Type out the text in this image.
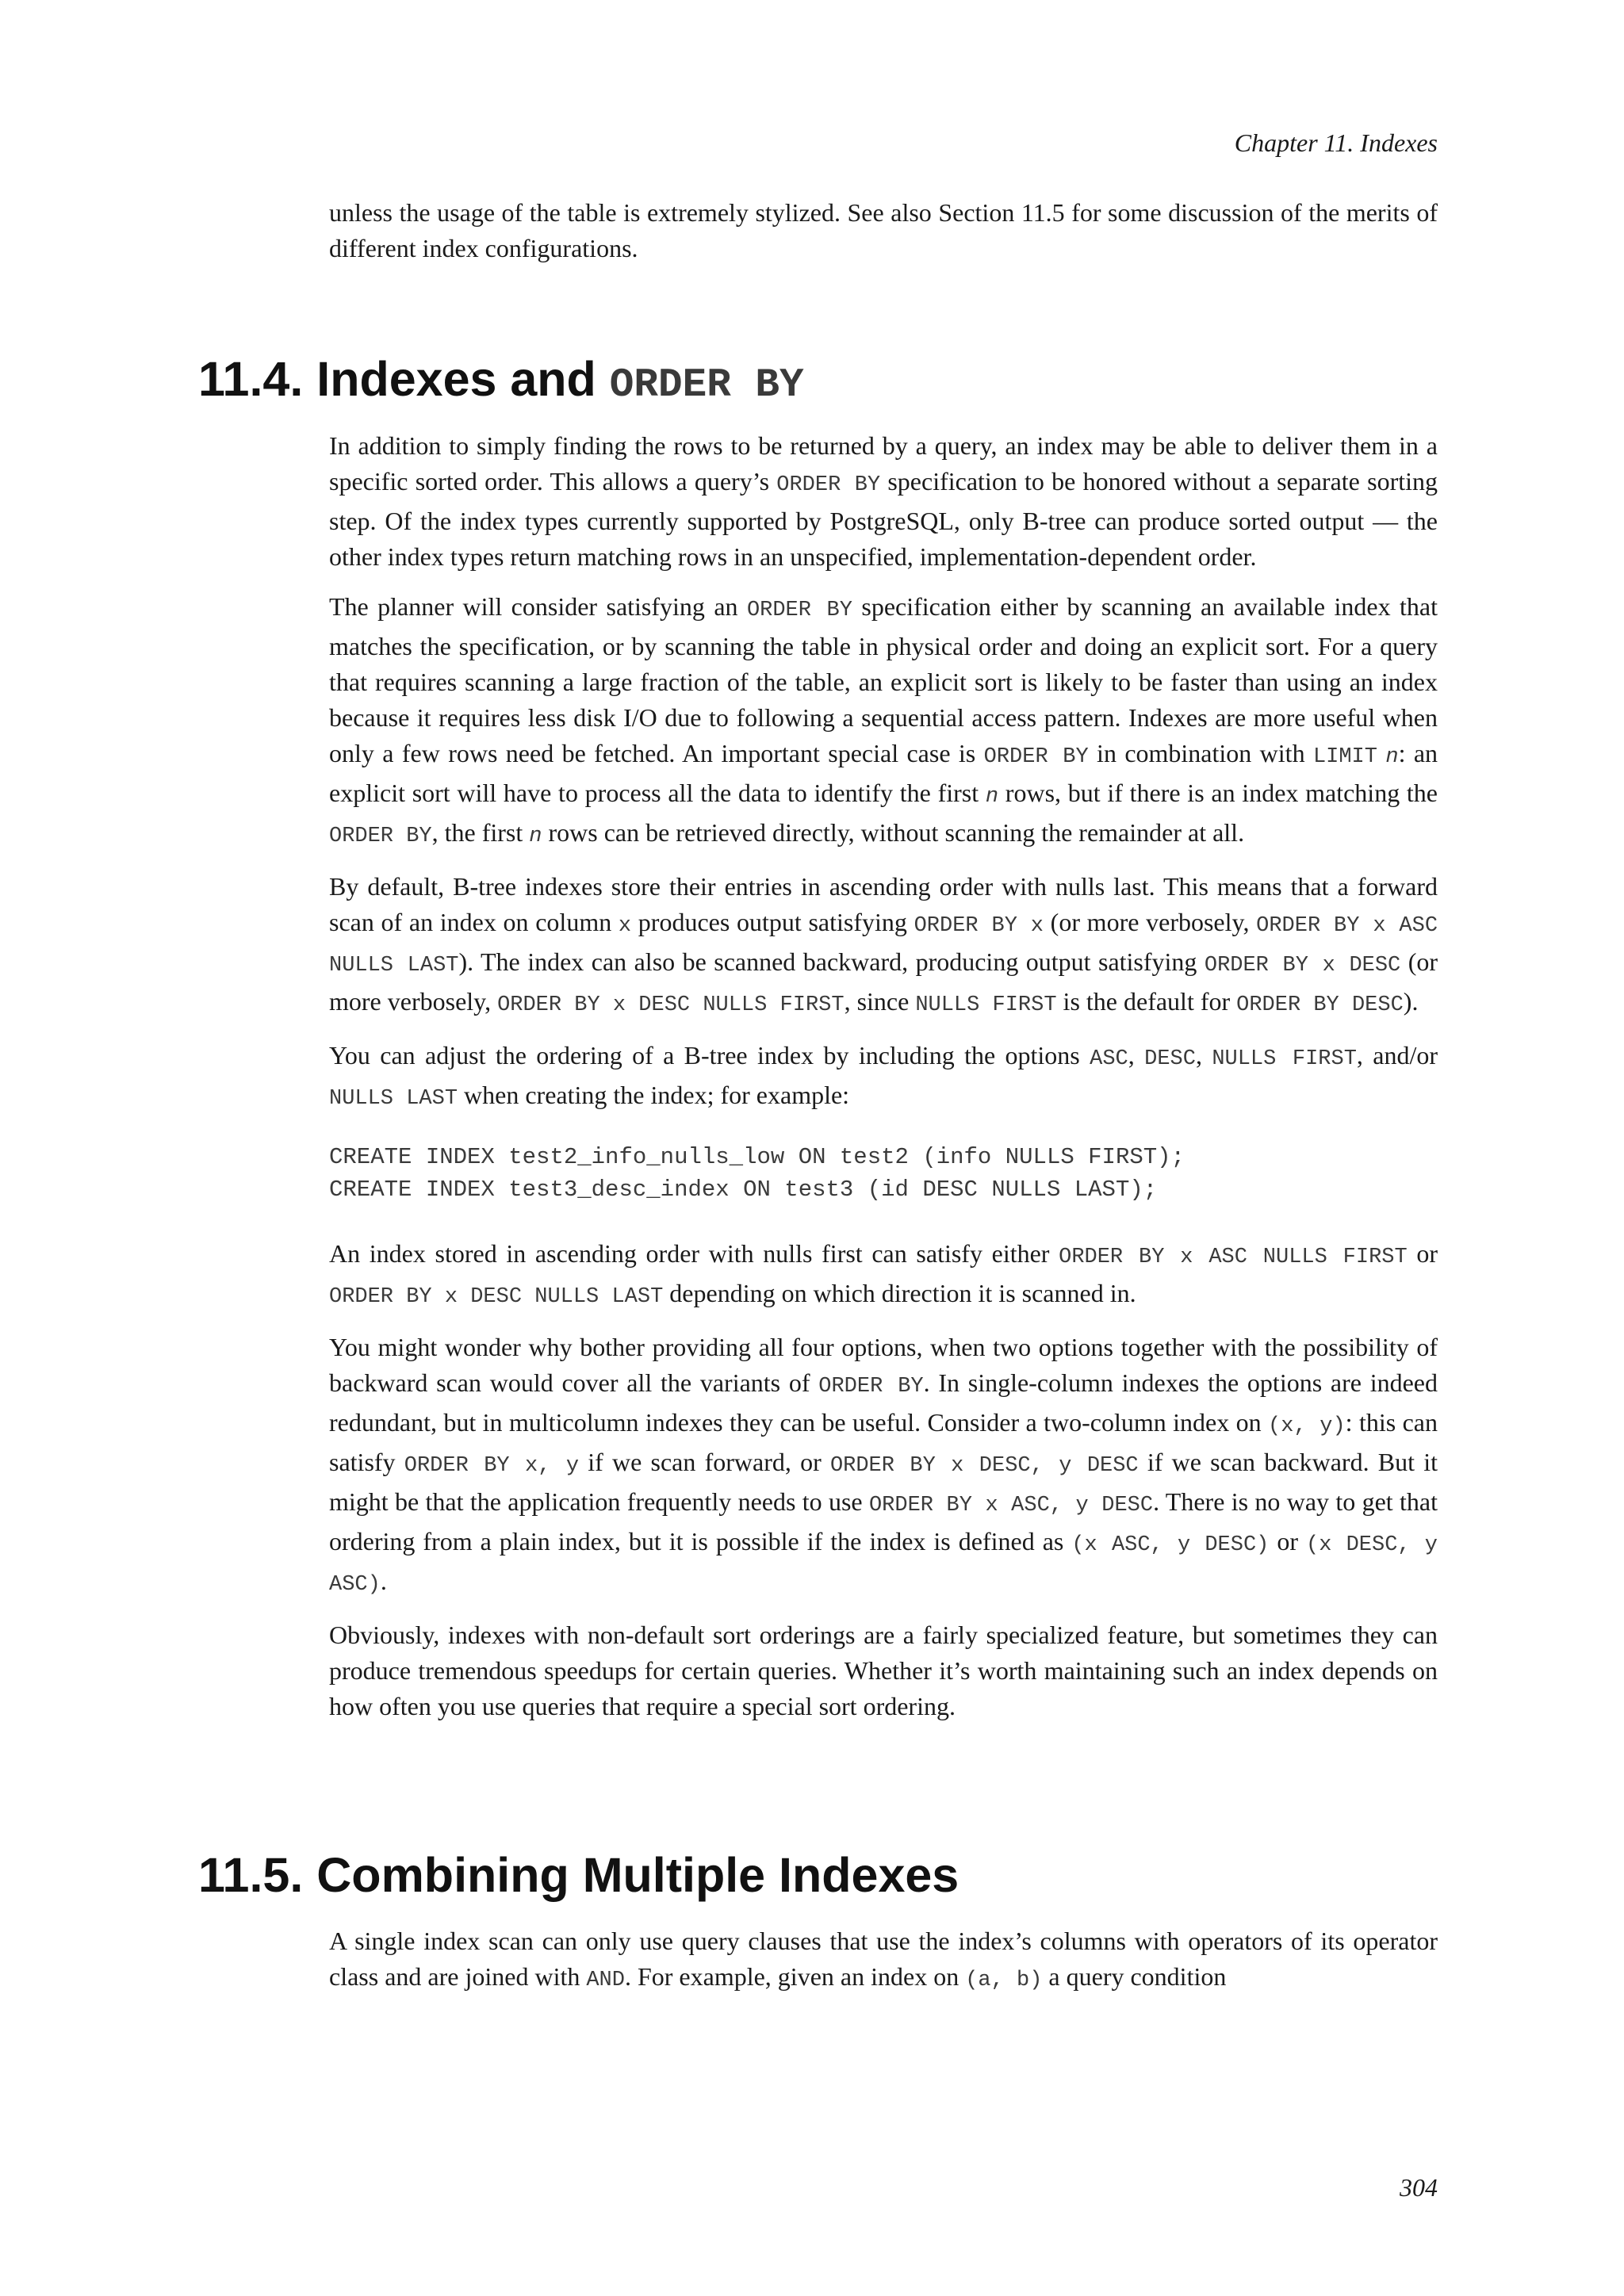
Chapter 11. Indexes

unless the usage of the table is extremely stylized. See also Section 11.5 for some discussion of the merits of different index configurations.

11.4. Indexes and ORDER BY

In addition to simply finding the rows to be returned by a query, an index may be able to deliver them in a specific sorted order. This allows a query’s ORDER BY specification to be honored without a separate sorting step. Of the index types currently supported by PostgreSQL, only B-tree can produce sorted output — the other index types return matching rows in an unspecified, implementation-dependent order.

The planner will consider satisfying an ORDER BY specification either by scanning an available index that matches the specification, or by scanning the table in physical order and doing an explicit sort. For a query that requires scanning a large fraction of the table, an explicit sort is likely to be faster than using an index because it requires less disk I/O due to following a sequential access pattern. Indexes are more useful when only a few rows need be fetched. An important special case is ORDER BY in combination with LIMIT n: an explicit sort will have to process all the data to identify the first n rows, but if there is an index matching the ORDER BY, the first n rows can be retrieved directly, without scanning the remainder at all.

By default, B-tree indexes store their entries in ascending order with nulls last. This means that a forward scan of an index on column x produces output satisfying ORDER BY x (or more verbosely, ORDER BY x ASC NULLS LAST). The index can also be scanned backward, producing output satisfying ORDER BY x DESC (or more verbosely, ORDER BY x DESC NULLS FIRST, since NULLS FIRST is the default for ORDER BY DESC).

You can adjust the ordering of a B-tree index by including the options ASC, DESC, NULLS FIRST, and/or NULLS LAST when creating the index; for example:

CREATE INDEX test2_info_nulls_low ON test2 (info NULLS FIRST);
CREATE INDEX test3_desc_index ON test3 (id DESC NULLS LAST);

An index stored in ascending order with nulls first can satisfy either ORDER BY x ASC NULLS FIRST or ORDER BY x DESC NULLS LAST depending on which direction it is scanned in.

You might wonder why bother providing all four options, when two options together with the possibility of backward scan would cover all the variants of ORDER BY. In single-column indexes the options are indeed redundant, but in multicolumn indexes they can be useful. Consider a two-column index on (x, y): this can satisfy ORDER BY x, y if we scan forward, or ORDER BY x DESC, y DESC if we scan backward. But it might be that the application frequently needs to use ORDER BY x ASC, y DESC. There is no way to get that ordering from a plain index, but it is possible if the index is defined as (x ASC, y DESC) or (x DESC, y ASC).

Obviously, indexes with non-default sort orderings are a fairly specialized feature, but sometimes they can produce tremendous speedups for certain queries. Whether it’s worth maintaining such an index depends on how often you use queries that require a special sort ordering.

11.5. Combining Multiple Indexes

A single index scan can only use query clauses that use the index’s columns with operators of its operator class and are joined with AND. For example, given an index on (a, b) a query condition

304
